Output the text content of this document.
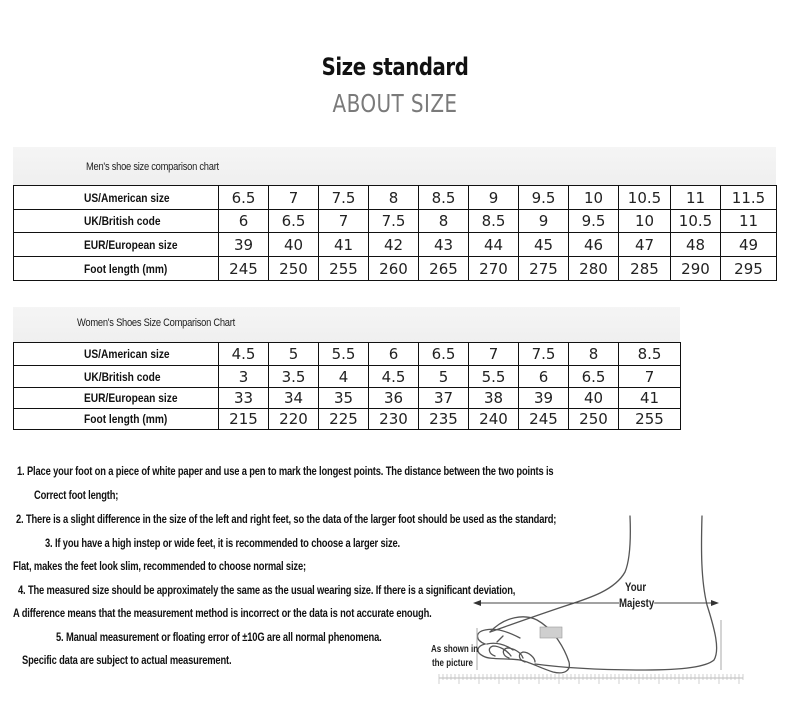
Size standard
ABOUT SIZE
Men's shoe size comparison chart
US/American size	6.5	7	7.5	8	8.5	9	9.5	10	10.5	11	11.5
UK/British code	6	6.5	7	7.5	8	8.5	9	9.5	10	10.5	11
EUR/European size	39	40	41	42	43	44	45	46	47	48	49
Foot length (mm)	245	250	255	260	265	270	275	280	285	290	295
Women's Shoes Size Comparison Chart
US/American size	4.5	5	5.5	6	6.5	7	7.5	8	8.5
UK/British code	3	3.5	4	4.5	5	5.5	6	6.5	7
EUR/European size	33	34	35	36	37	38	39	40	41
Foot length (mm)	215	220	225	230	235	240	245	250	255
1. Place your foot on a piece of white paper and use a pen to mark the longest points. The distance between the two points is
Correct foot length;
2. There is a slight difference in the size of the left and right feet, so the data of the larger foot should be used as the standard;
3. If you have a high instep or wide feet, it is recommended to choose a larger size.
Flat, makes the feet look slim, recommended to choose normal size;
4. The measured size should be approximately the same as the usual wearing size. If there is a significant deviation,
A difference means that the measurement method is incorrect or the data is not accurate enough.
5. Manual measurement or floating error of ±10G are all normal phenomena.
Specific data are subject to actual measurement.
Your
Majesty
As shown in
the picture
